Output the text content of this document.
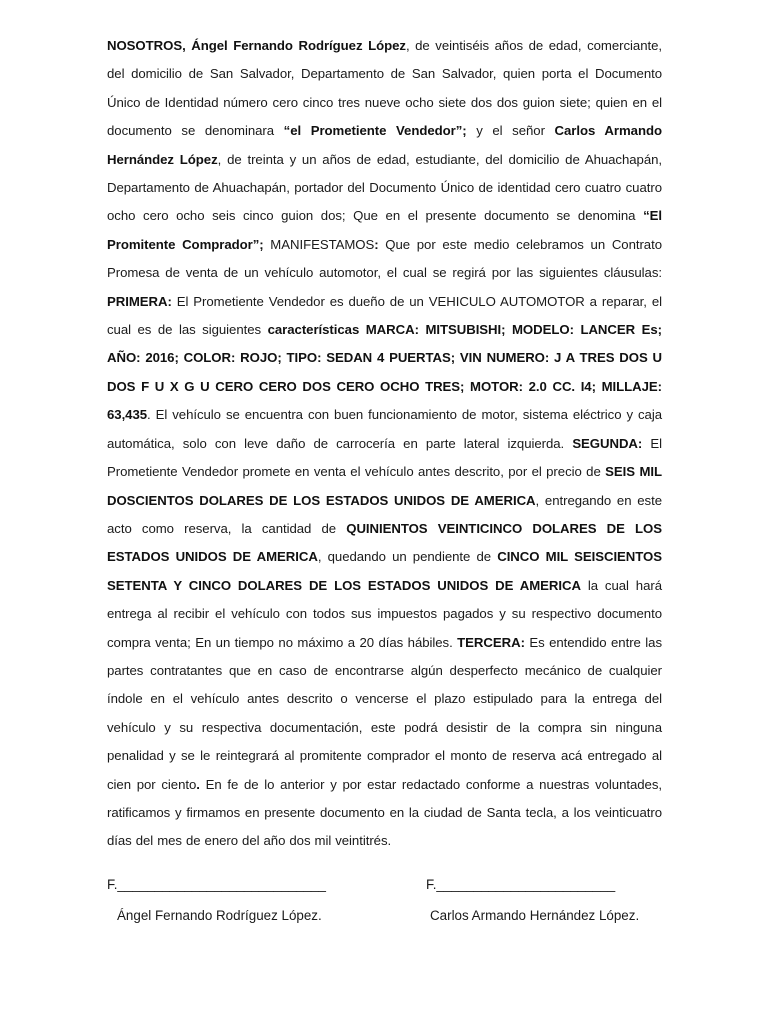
NOSOTROS, Ángel Fernando Rodríguez López, de veintiséis años de edad, comerciante, del domicilio de San Salvador, Departamento de San Salvador, quien porta el Documento Único de Identidad número cero cinco tres nueve ocho siete dos dos guion siete; quien en el documento se denominara “el Prometiente Vendedor”; y el señor Carlos Armando Hernández López, de treinta y un años de edad, estudiante, del domicilio de Ahuachapán, Departamento de Ahuachapán, portador del Documento Único de identidad cero cuatro cuatro ocho cero ocho seis cinco guion dos; Que en el presente documento se denomina “El Promitente Comprador”; MANIFESTAMOS: Que por este medio celebramos un Contrato Promesa de venta de un vehículo automotor, el cual se regirá por las siguientes cláusulas: PRIMERA: El Prometiente Vendedor es dueño de un VEHICULO AUTOMOTOR a reparar, el cual es de las siguientes características MARCA: MITSUBISHI; MODELO: LANCER Es; AÑO: 2016; COLOR: ROJO; TIPO: SEDAN 4 PUERTAS; VIN NUMERO: J A TRES DOS U DOS F U X G U CERO CERO DOS CERO OCHO TRES; MOTOR: 2.0 CC. I4; MILLAJE: 63,435. El vehículo se encuentra con buen funcionamiento de motor, sistema eléctrico y caja automática, solo con leve daño de carrocería en parte lateral izquierda. SEGUNDA: El Prometiente Vendedor promete en venta el vehículo antes descrito, por el precio de SEIS MIL DOSCIENTOS DOLARES DE LOS ESTADOS UNIDOS DE AMERICA, entregando en este acto como reserva, la cantidad de QUINIENTOS VEINTICINCO DOLARES DE LOS ESTADOS UNIDOS DE AMERICA, quedando un pendiente de CINCO MIL SEISCIENTOS SETENTA Y CINCO DOLARES DE LOS ESTADOS UNIDOS DE AMERICA la cual hará entrega al recibir el vehículo con todos sus impuestos pagados y su respectivo documento compra venta; En un tiempo no máximo a 20 días hábiles. TERCERA: Es entendido entre las partes contratantes que en caso de encontrarse algún desperfecto mecánico de cualquier índole en el vehículo antes descrito o vencerse el plazo estipulado para la entrega del vehículo y su respectiva documentación, este podrá desistir de la compra sin ninguna penalidad y se le reintegrará al promitente comprador el monto de reserva acá entregado al cien por ciento. En fe de lo anterior y por estar redactado conforme a nuestras voluntades, ratificamos y firmamos en presente documento en la ciudad de Santa tecla, a los veinticuatro días del mes de enero del año dos mil veintitrés.

F.____________________________	F.________________________
Ángel Fernando Rodríguez López.	Carlos Armando Hernández López.
